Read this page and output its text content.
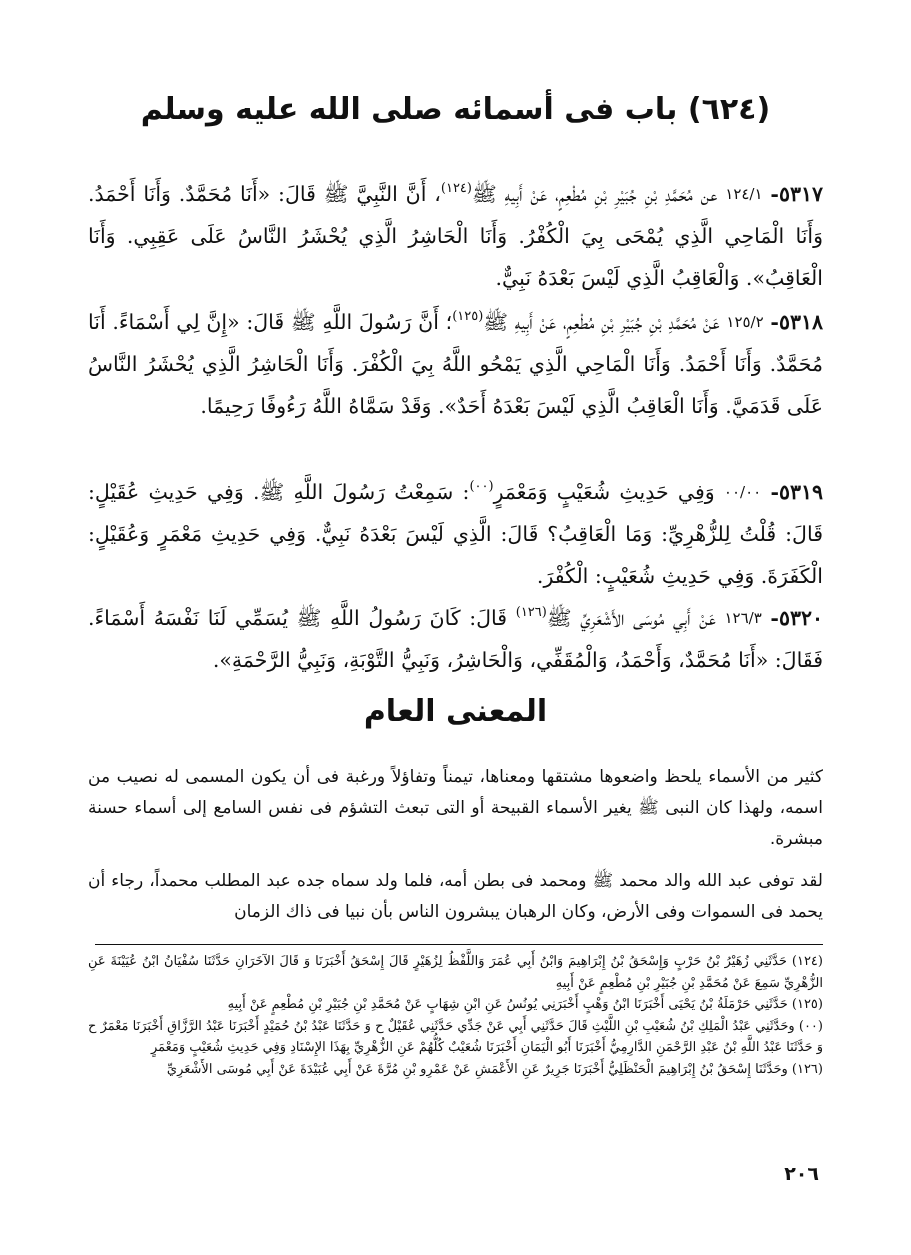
(٦٢٤) باب فى أسمائه صلى الله عليه وسلم

٥٣١٧- ١٢٤/١ عن مُحَمَّدِ بْنِ جُبَيْرِ بْنِ مُطْعِمٍ، عَنْ أَبِيهِ ﷺ$^{(١٢٤)}$، أَنَّ النَّبِيَّ ﷺ قَالَ: «أَنَا مُحَمَّدٌ. وَأَنَا أَحْمَدُ. وَأَنَا الْمَاحِي الَّذِي يُمْحَى بِيَ الْكُفْرُ. وَأَنَا الْحَاشِرُ الَّذِي يُحْشَرُ النَّاسُ عَلَى عَقِبِي. وَأَنَا الْعَاقِبُ». وَالْعَاقِبُ الَّذِي لَيْسَ بَعْدَهُ نَبِيٌّ.

٥٣١٨- ١٢٥/٢ عَنْ مُحَمَّدِ بْنِ جُبَيْرِ بْنِ مُطْعِمٍ، عَنْ أَبِيهِ ﷺ$^{(١٢٥)}$؛ أَنَّ رَسُولَ اللَّهِ ﷺ قَالَ: «إِنَّ لِي أَسْمَاءً. أَنَا مُحَمَّدٌ. وَأَنَا أَحْمَدُ. وَأَنَا الْمَاحِي الَّذِي يَمْحُو اللَّهُ بِيَ الْكُفْرَ. وَأَنَا الْحَاشِرُ الَّذِي يُحْشَرُ النَّاسُ عَلَى قَدَمَيَّ. وَأَنَا الْعَاقِبُ الَّذِي لَيْسَ بَعْدَهُ أَحَدٌ». وَقَدْ سَمَّاهُ اللَّهُ رَءُوفًا رَحِيمًا.

٥٣١٩- ٠٠/٠٠ وَفِي حَدِيثِ شُعَيْبٍ وَمَعْمَرٍ$^{(٠٠)}$: سَمِعْتُ رَسُولَ اللَّهِ ﷺ. وَفِي حَدِيثِ عُقَيْلٍ: قَالَ: قُلْتُ لِلزُّهْرِيِّ: وَمَا الْعَاقِبُ؟ قَالَ: الَّذِي لَيْسَ بَعْدَهُ نَبِيٌّ. وَفِي حَدِيثِ مَعْمَرٍ وَعُقَيْلٍ: الْكَفَرَةَ. وَفِي حَدِيثِ شُعَيْبٍ: الْكُفْرَ.

٥٣٢٠- ١٢٦/٣ عَنْ أَبِي مُوسَى الأَشْعَرِيِّ ﷺ$^{(١٢٦)}$ قَالَ: كَانَ رَسُولُ اللَّهِ ﷺ يُسَمِّي لَنَا نَفْسَهُ أَسْمَاءً. فَقَالَ: «أَنَا مُحَمَّدٌ، وَأَحْمَدُ، وَالْمُقَفِّي، وَالْحَاشِرُ، وَنَبِيُّ التَّوْبَةِ، وَنَبِيُّ الرَّحْمَةِ».

المعنى العام

كثير من الأسماء يلحظ واضعوها مشتقها ومعناها، تيمناً وتفاؤلاً ورغبة فى أن يكون المسمى له نصيب من اسمه، ولهذا كان النبى ﷺ يغير الأسماء القبيحة أو التى تبعث التشؤم فى نفس السامع إلى أسماء حسنة مبشرة.

لقد توفى عبد الله والد محمد ﷺ ومحمد فى بطن أمه، فلما ولد سماه جده عبد المطلب محمداً، رجاء أن يحمد فى السموات وفى الأرض، وكان الرهبان يبشرون الناس بأن نبيا فى ذاك الزمان

(١٢٤) حَدَّثَنِي زُهَيْرُ بْنُ حَرْبٍ وَإِسْحَقُ بْنُ إِبْرَاهِيمَ وَابْنُ أَبِي عُمَرَ وَاللَّفْظُ لِزُهَيْرٍ قَالَ إِسْحَقُ أَخْبَرَنَا وَ قَالَ الآخَرَانِ حَدَّثَنَا سُفْيَانُ ابْنُ عُيَيْنَةَ عَنِ الزُّهْرِيِّ سَمِعَ عَنْ مُحَمَّدِ بْنِ جُبَيْرِ بْنِ مُطْعِمٍ عَنْ أَبِيهِ

(١٢٥) حَدَّثَنِي حَرْمَلَةُ بْنُ يَحْيَى أَخْبَرَنَا ابْنُ وَهْبٍ أَخْبَرَنِي يُونُسُ عَنِ ابْنِ شِهَابٍ عَنْ مُحَمَّدِ بْنِ جُبَيْرِ بْنِ مُطْعِمٍ عَنْ أَبِيهِ

(٠٠) وحَدَّثَنِي عَبْدُ الْمَلِكِ بْنُ شُعَيْبِ بْنِ اللَّيْثِ قَالَ حَدَّثَنِي أَبِي عَنْ جَدِّي حَدَّثَنِي عُقَيْلٌ ح وَ حَدَّثَنَا عَبْدُ بْنُ حُمَيْدٍ أَخْبَرَنَا عَبْدُ الرَّزَّاقِ أَخْبَرَنَا مَعْمَرٌ ح وَ حَدَّثَنَا عَبْدُ اللَّهِ بْنُ عَبْدِ الرَّحْمَنِ الدَّارِمِيُّ أَخْبَرَنَا أَبُو الْيَمَانِ أَخْبَرَنَا شُعَيْبٌ كُلُّهُمْ عَنِ الزُّهْرِيِّ بِهَذَا الإِسْنَادِ وَفِي حَدِيثِ شُعَيْبٍ وَمَعْمَرٍ

(١٢٦) وحَدَّثَنَا إِسْحَقُ بْنُ إِبْرَاهِيمَ الْحَنْظَلِيُّ أَخْبَرَنَا جَرِيرٌ عَنِ الأَعْمَشِ عَنْ عَمْرِو بْنِ مُرَّةَ عَنْ أَبِي عُبَيْدَةَ عَنْ أَبِي مُوسَى الأَشْعَرِيِّ

٢٠٦
